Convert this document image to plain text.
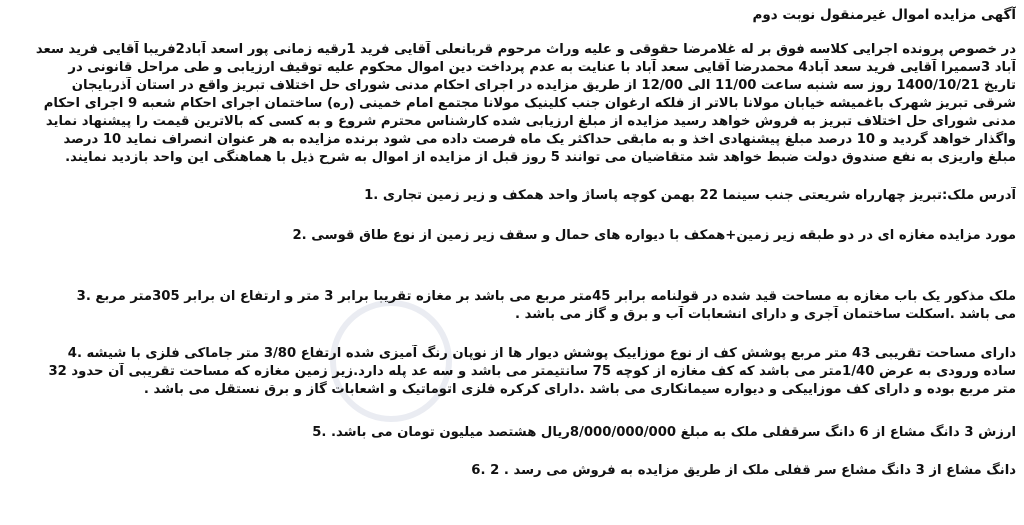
آگهی مزایده اموال غیرمنقول نوبت دوم
در خصوص پرونده اجرایی کلاسه فوق بر له غلامرضا حقوقی و علیه وراث مرحوم قربانعلی آقایی فرید 1رقیه زمانی پور اسعد آباد2فریبا آقایی فرید سعد
آباد 3سمیرا آقایی فرید سعد آباد4 محمدرضا آقایی سعد آباد با عنایت به عدم پرداخت دین اموال محکوم علیه توقیف ارزیابی و طی مراحل قانونی در
تاریخ 1400/10/21 روز سه شنبه ساعت 11/00 الی 12/00 از طریق مزایده در اجرای احکام مدنی شورای حل اختلاف تبریز واقع در استان آذربایجان
شرقی تبریز شهرک باغمیشه خیابان مولانا بالاتر از فلکه ارغوان جنب کلینیک مولانا مجتمع امام خمینی (ره) ساختمان اجرای احکام شعبه 9 اجرای احکام
مدنی شورای حل اختلاف تبریز به فروش خواهد رسید مزایده از مبلغ ارزیابی شده کارشناس محترم شروع و به کسی که بالاترین قیمت را پیشنهاد نماید
واگذار خواهد گردید و 10 درصد مبلغ پیشنهادی اخذ و به مابقی حداکثر یک ماه فرصت داده می شود برنده مزایده به هر عنوان انصراف نماید 10 درصد
مبلغ واریزی به نفع صندوق دولت ضبط خواهد شد متقاضیان می توانند 5 روز قبل از مزایده از اموال به شرح ذیل با هماهنگی این واحد بازدید نمایند.
آدرس ملک:تبریز چهارراه شریعتی جنب سینما 22 بهمن کوچه پاساژ واحد همکف و زیر زمین تجاری .1
مورد مزایده مغازه ای در دو طبقه زیر زمین+همکف با دیواره های حمال و سقف زیر زمین از نوع طاق قوسی .2
ملک مذکور یک باب مغازه به مساحت قید شده در قولنامه برابر 45متر مربع می باشد بر مغازه تقریبا برابر 3 متر و ارتفاع ان برابر 305متر مربع .3
می باشد .اسکلت ساختمان آجری و دارای انشعابات آب و برق و گاز می باشد .
دارای مساحت تقریبی 43 متر مربع پوشش کف از نوع موزاییک پوشش دیوار ها از نوپان رنگ آمیزی شده ارتفاع 3/80 متر جاماکی فلزی با شیشه .4
ساده ورودی به عرض 1/40متر می باشد که کف مغازه از کوچه 75 سانتیمتر می باشد و سه عد پله دارد.زیر زمین مغازه که مساحت تقریبی آن حدود 32
متر مربع بوده و دارای کف موزاییکی و دیواره سیمانکاری می باشد .دارای کرکره فلزی اتوماتیک و اشعابات گاز و برق نستقل می باشد .
ارزش 3 دانگ مشاع از 6 دانگ سرقفلی ملک به مبلغ 8/000/000/000ریال هشتصد میلیون تومان می باشد. .5
دانگ مشاع از 3 دانگ مشاع سر قفلی ملک از طریق مزایده به فروش می رسد . 2 .6
